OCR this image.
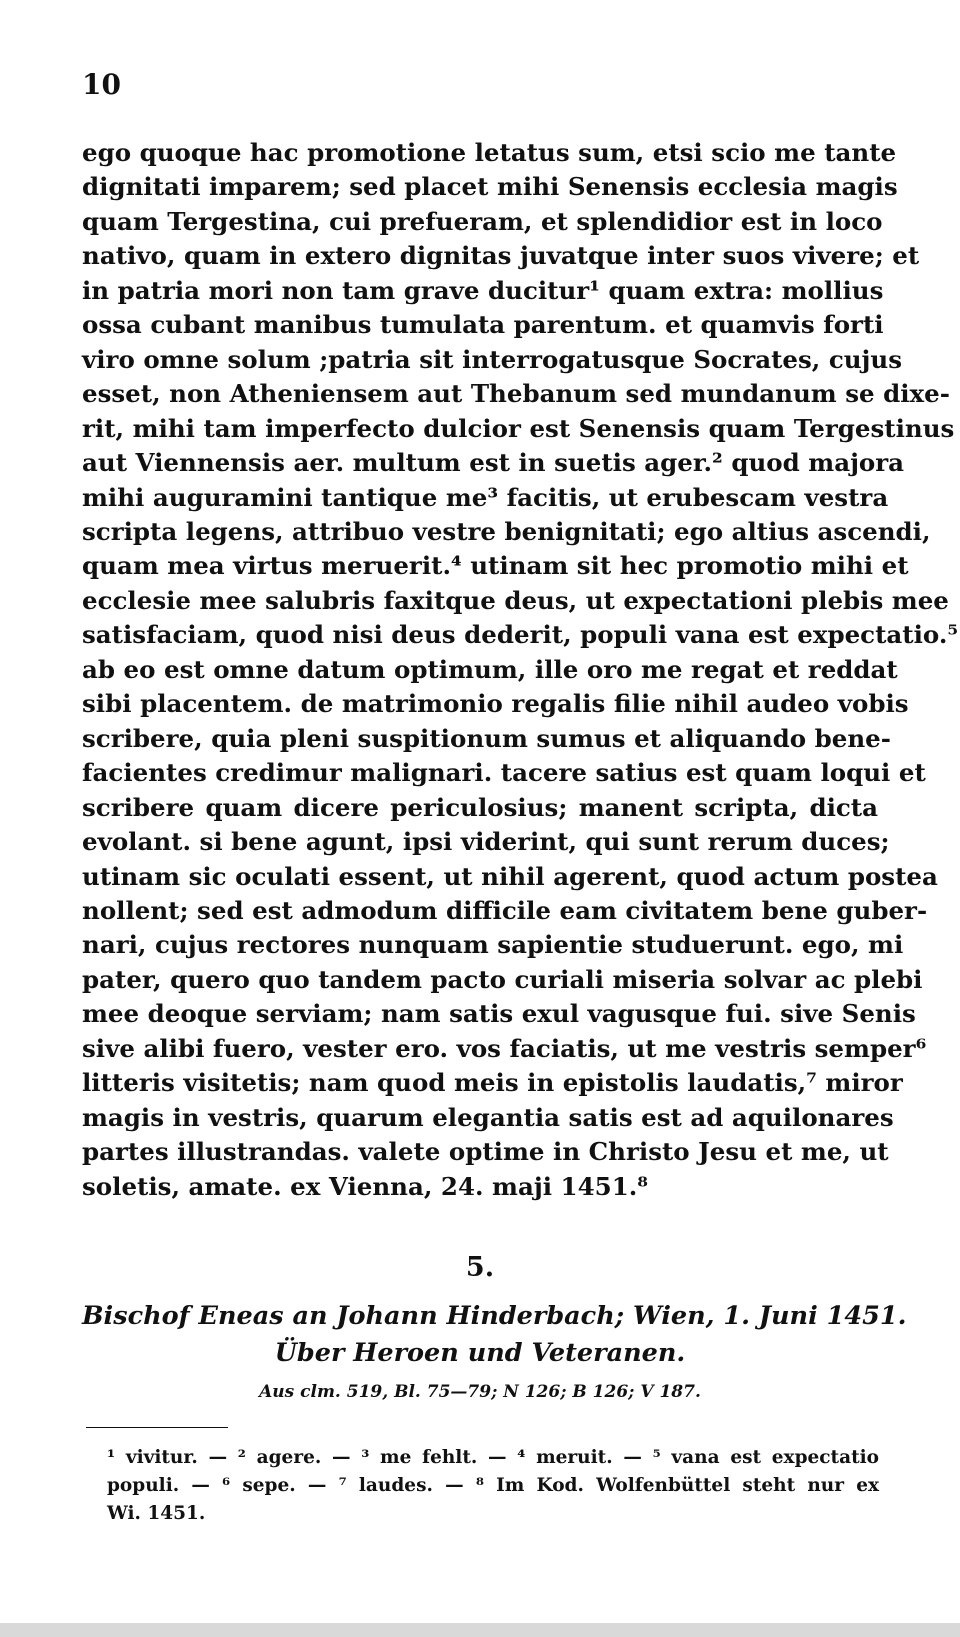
10
ego quoque hac promotione letatus sum, etsi scio me tante
dignitati imparem; sed placet mihi Senensis ecclesia magis
quam Tergestina, cui prefueram, et splendidior est in loco
nativo, quam in extero dignitas juvatque inter suos vivere; et
in patria mori non tam grave ducitur¹ quam extra: mollius
ossa cubant manibus tumulata parentum. et quamvis forti
viro omne solum ;patria sit interrogatusque Socrates, cujus
esset, non Atheniensem aut Thebanum sed mundanum se dixe-
rit, mihi tam imperfecto dulcior est Senensis quam Tergestinus
aut Viennensis aer. multum est in suetis ager.² quod majora
mihi auguramini tantique me³ facitis, ut erubescam vestra
scripta legens, attribuo vestre benignitati; ego altius ascendi,
quam mea virtus meruerit.⁴ utinam sit hec promotio mihi et
ecclesie mee salubris faxitque deus, ut expectationi plebis mee
satisfaciam, quod nisi deus dederit, populi vana est expectatio.⁵
ab eo est omne datum optimum, ille oro me regat et reddat
sibi placentem. de matrimonio regalis filie nihil audeo vobis
scribere, quia pleni suspitionum sumus et aliquando bene-
facientes credimur malignari. tacere satius est quam loqui et
scribere quam dicere periculosius; manent scripta, dicta
evolant. si bene agunt, ipsi viderint, qui sunt rerum duces;
utinam sic oculati essent, ut nihil agerent, quod actum postea
nollent; sed est admodum difficile eam civitatem bene guber-
nari, cujus rectores nunquam sapientie studuerunt. ego, mi
pater, quero quo tandem pacto curiali miseria solvar ac plebi
mee deoque serviam; nam satis exul vagusque fui. sive Senis
sive alibi fuero, vester ero. vos faciatis, ut me vestris semper⁶
litteris visitetis; nam quod meis in epistolis laudatis,⁷ miror
magis in vestris, quarum elegantia satis est ad aquilonares
partes illustrandas. valete optime in Christo Jesu et me, ut
soletis, amate. ex Vienna, 24. maji 1451.⁸
5.
Bischof Eneas an Johann Hinderbach; Wien, 1. Juni 1451.
Über Heroen und Veteranen.
Aus clm. 519, Bl. 75—79; N 126; B 126; V 187.
¹ vivitur. — ² agere. — ³ me fehlt. — ⁴ meruit. — ⁵ vana est expectatio
populi. — ⁶ sepe. — ⁷ laudes. — ⁸ Im Kod. Wolfenbüttel steht nur ex
Wi. 1451.
